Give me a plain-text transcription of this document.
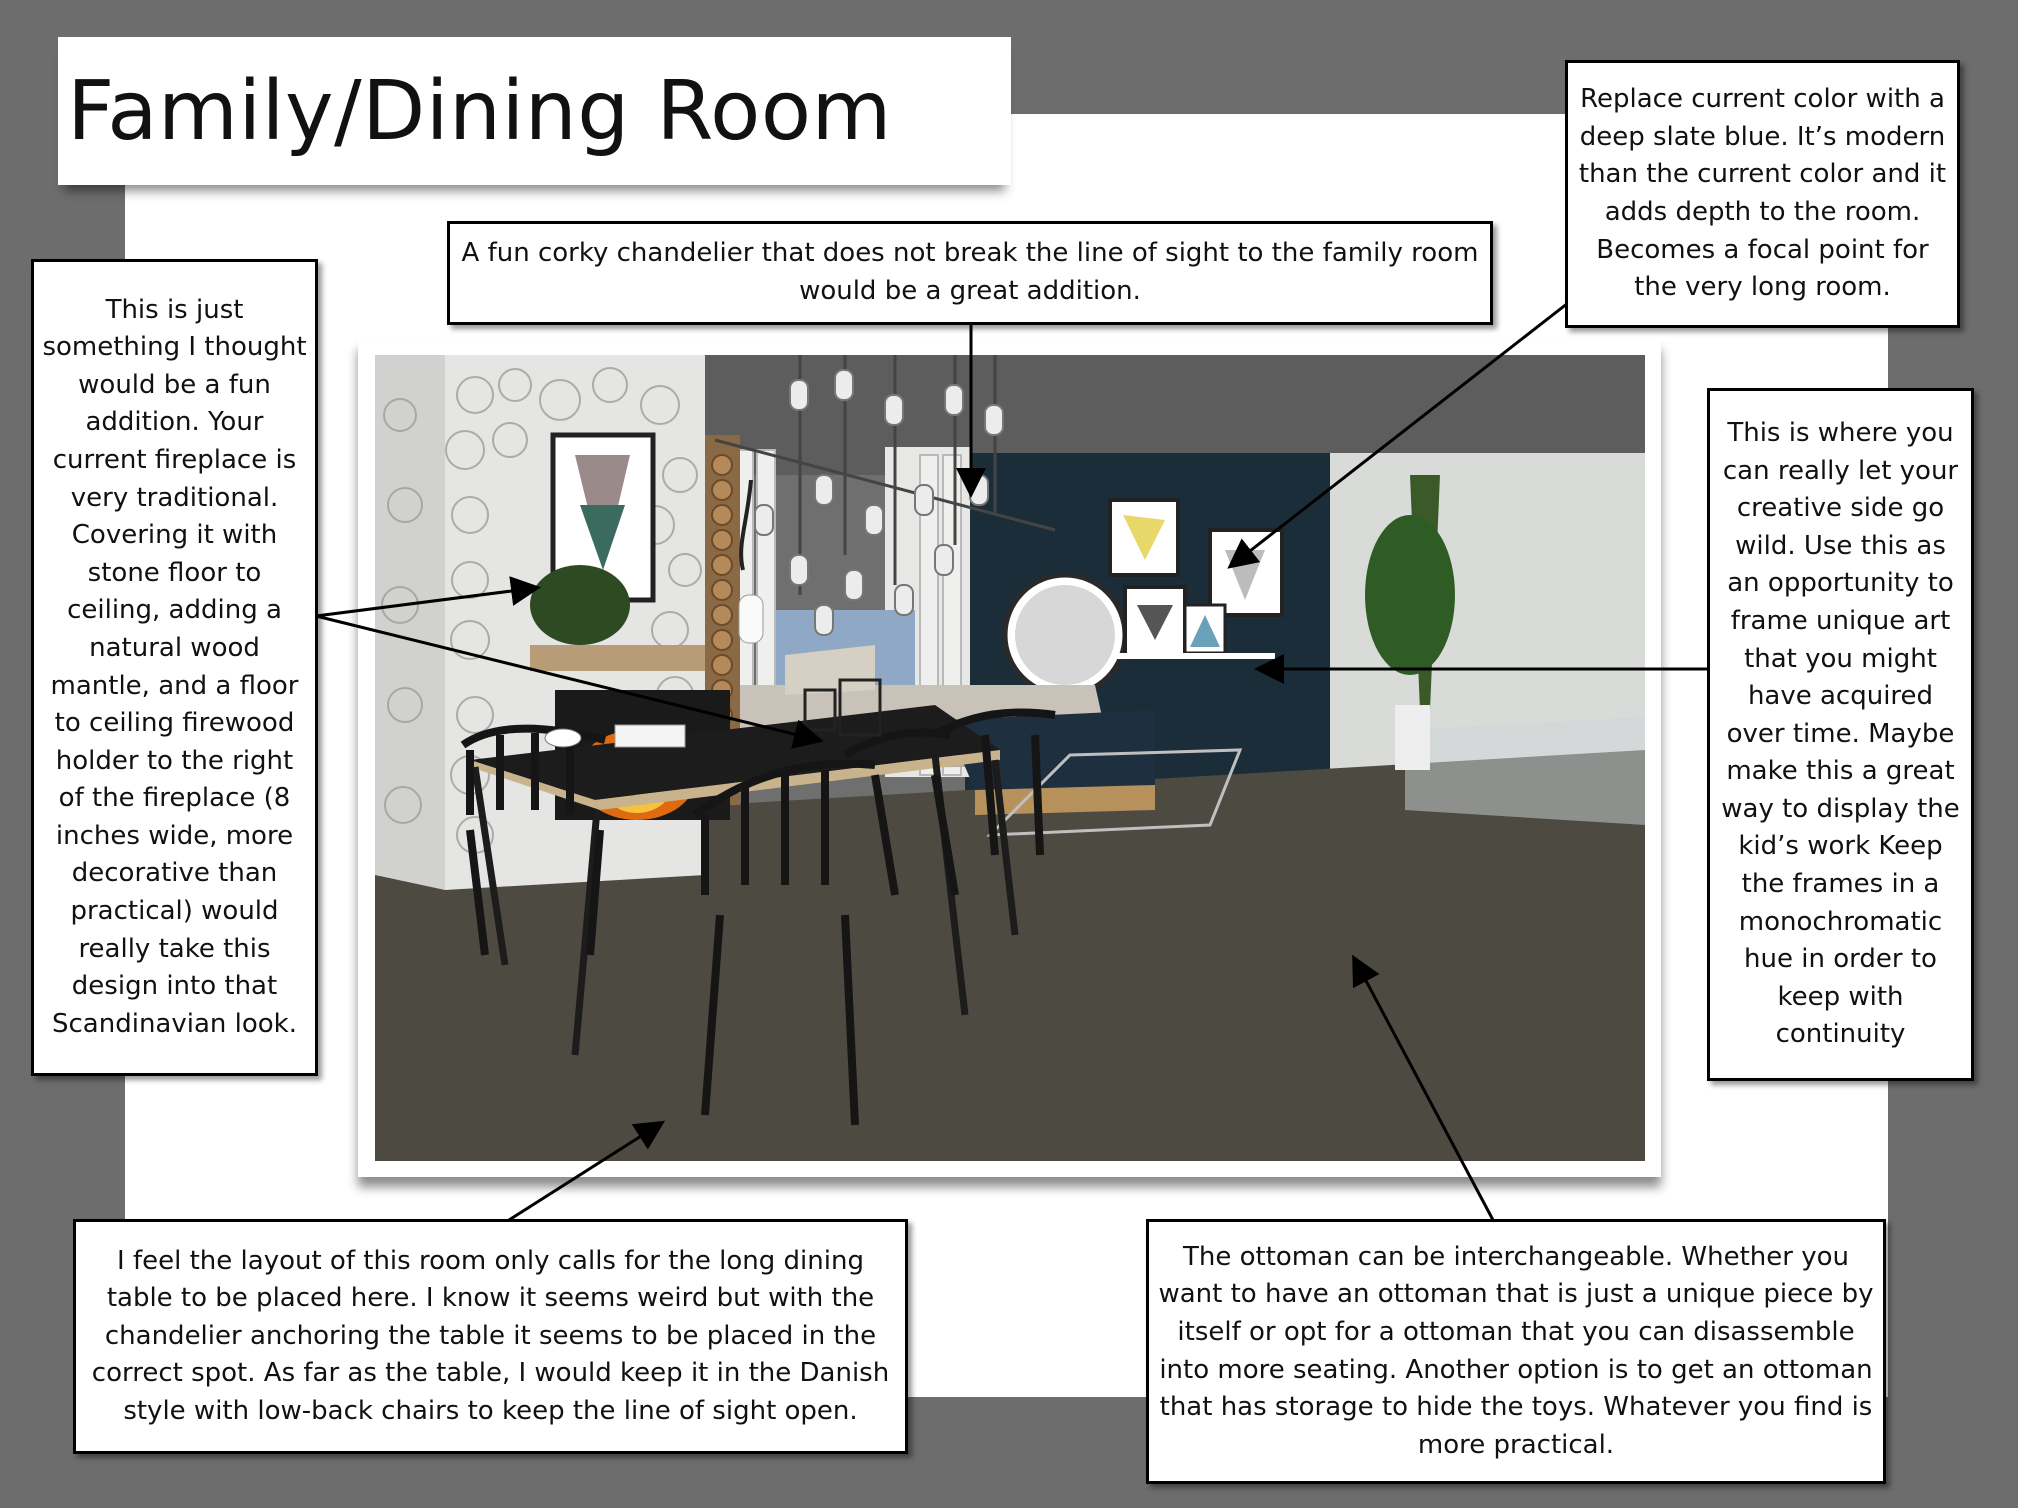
Family/Dining Room
A fun corky chandelier that does not break the line of sight to the family room would be a great addition.
Replace current color with a deep slate blue. It’s modern than the current color and it adds depth to the room. Becomes a focal point for the very long room.
This is just something I thought would be a fun addition. Your current fireplace is very traditional. Covering it with stone floor to ceiling, adding a natural wood mantle, and a floor to ceiling firewood holder to the right of the fireplace (8 inches wide, more decorative than practical) would really take this design into that Scandinavian look.
This is where you can really let your creative side go wild. Use this as an opportunity to frame unique art that you might have acquired over time. Maybe make this a great way to display the kid’s work Keep the frames in a monochromatic hue in order to keep with continuity
I feel the layout of this room only calls for the long dining table to be placed here. I know it seems weird but with the chandelier anchoring the table it seems to be placed in the correct spot. As far as the table, I would keep it in the Danish style with low-back chairs to keep the line of sight open.
The ottoman can be interchangeable. Whether you want to have an ottoman that is just a unique piece by itself or opt for a ottoman that you can disassemble into more seating. Another option is to get an ottoman that has storage to hide the toys. Whatever you find is more practical.
